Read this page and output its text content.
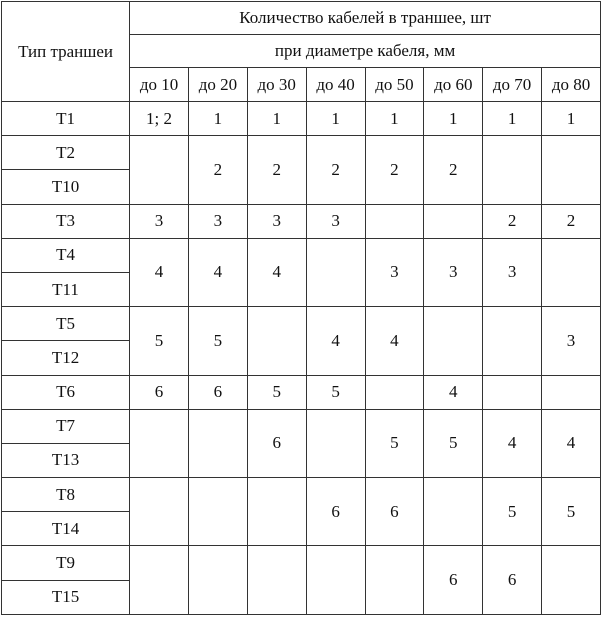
Тип траншеи	Количество кабелей в траншее, шт							
	при диаметре кабеля, мм							
	до 10	до 20	до 30	до 40	до 50	до 60	до 70	до 80
Т1	1; 2	1	1	1	1	1	1	1
Т2		2	2	2	2	2		
Т10								
Т3	3	3	3	3			2	2
Т4	4	4	4		3	3	3	
Т11								
Т5	5	5		4	4			3
Т12								
Т6	6	6	5	5		4		
Т7			6		5	5	4	4
Т13								
Т8				6	6		5	5
Т14								
Т9						6	6	
Т15								
